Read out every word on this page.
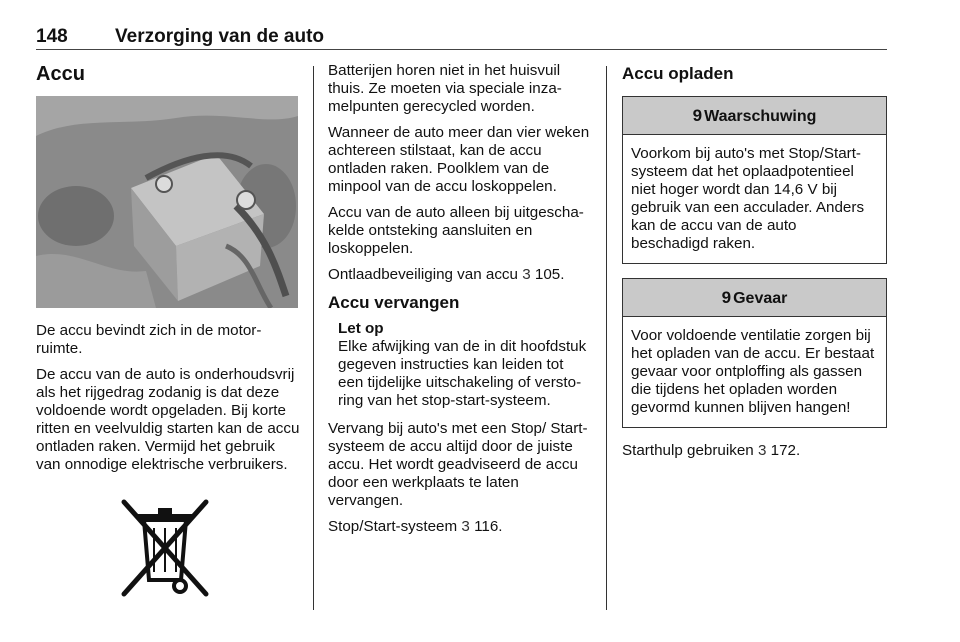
148 Verzorging van de auto
Accu

De accu bevindt zich in de motorruimte.

De accu van de auto is onderhoudsvrij als het rijgedrag zodanig is dat deze voldoende wordt opgeladen. Bij korte ritten en veelvuldig starten kan de accu ontladen raken. Vermijd het gebruik van onnodige elektrische verbruikers.

Batterijen horen niet in het huisvuil thuis. Ze moeten via speciale inzamelpunten gerecycled worden.

Wanneer de auto meer dan vier weken achtereen stilstaat, kan de accu ontladen raken. Poolklem van de minpool van de accu loskoppelen.

Accu van de auto alleen bij uitgeschakelde ontsteking aansluiten en loskoppelen.

Ontlaadbeveiliging van accu 3 105.

Accu vervangen
Let op
Elke afwijking van de in dit hoofdstuk gegeven instructies kan leiden tot een tijdelijke uitschakeling of verstoring van het stop-start-systeem.

Vervang bij auto's met een Stop/ Start-systeem de accu altijd door de juiste accu. Het wordt geadviseerd de accu door een werkplaats te laten vervangen.

Stop/Start-systeem 3 116.

Accu opladen
9 Waarschuwing
Voorkom bij auto's met Stop/Start-systeem dat het oplaadpotentieel niet hoger wordt dan 14,6 V bij gebruik van een acculader. Anders kan de accu van de auto beschadigd raken.
9 Gevaar
Voor voldoende ventilatie zorgen bij het opladen van de accu. Er bestaat gevaar voor ontploffing als gassen die tijdens het opladen worden gevormd kunnen blijven hangen!

Starthulp gebruiken 3 172.
